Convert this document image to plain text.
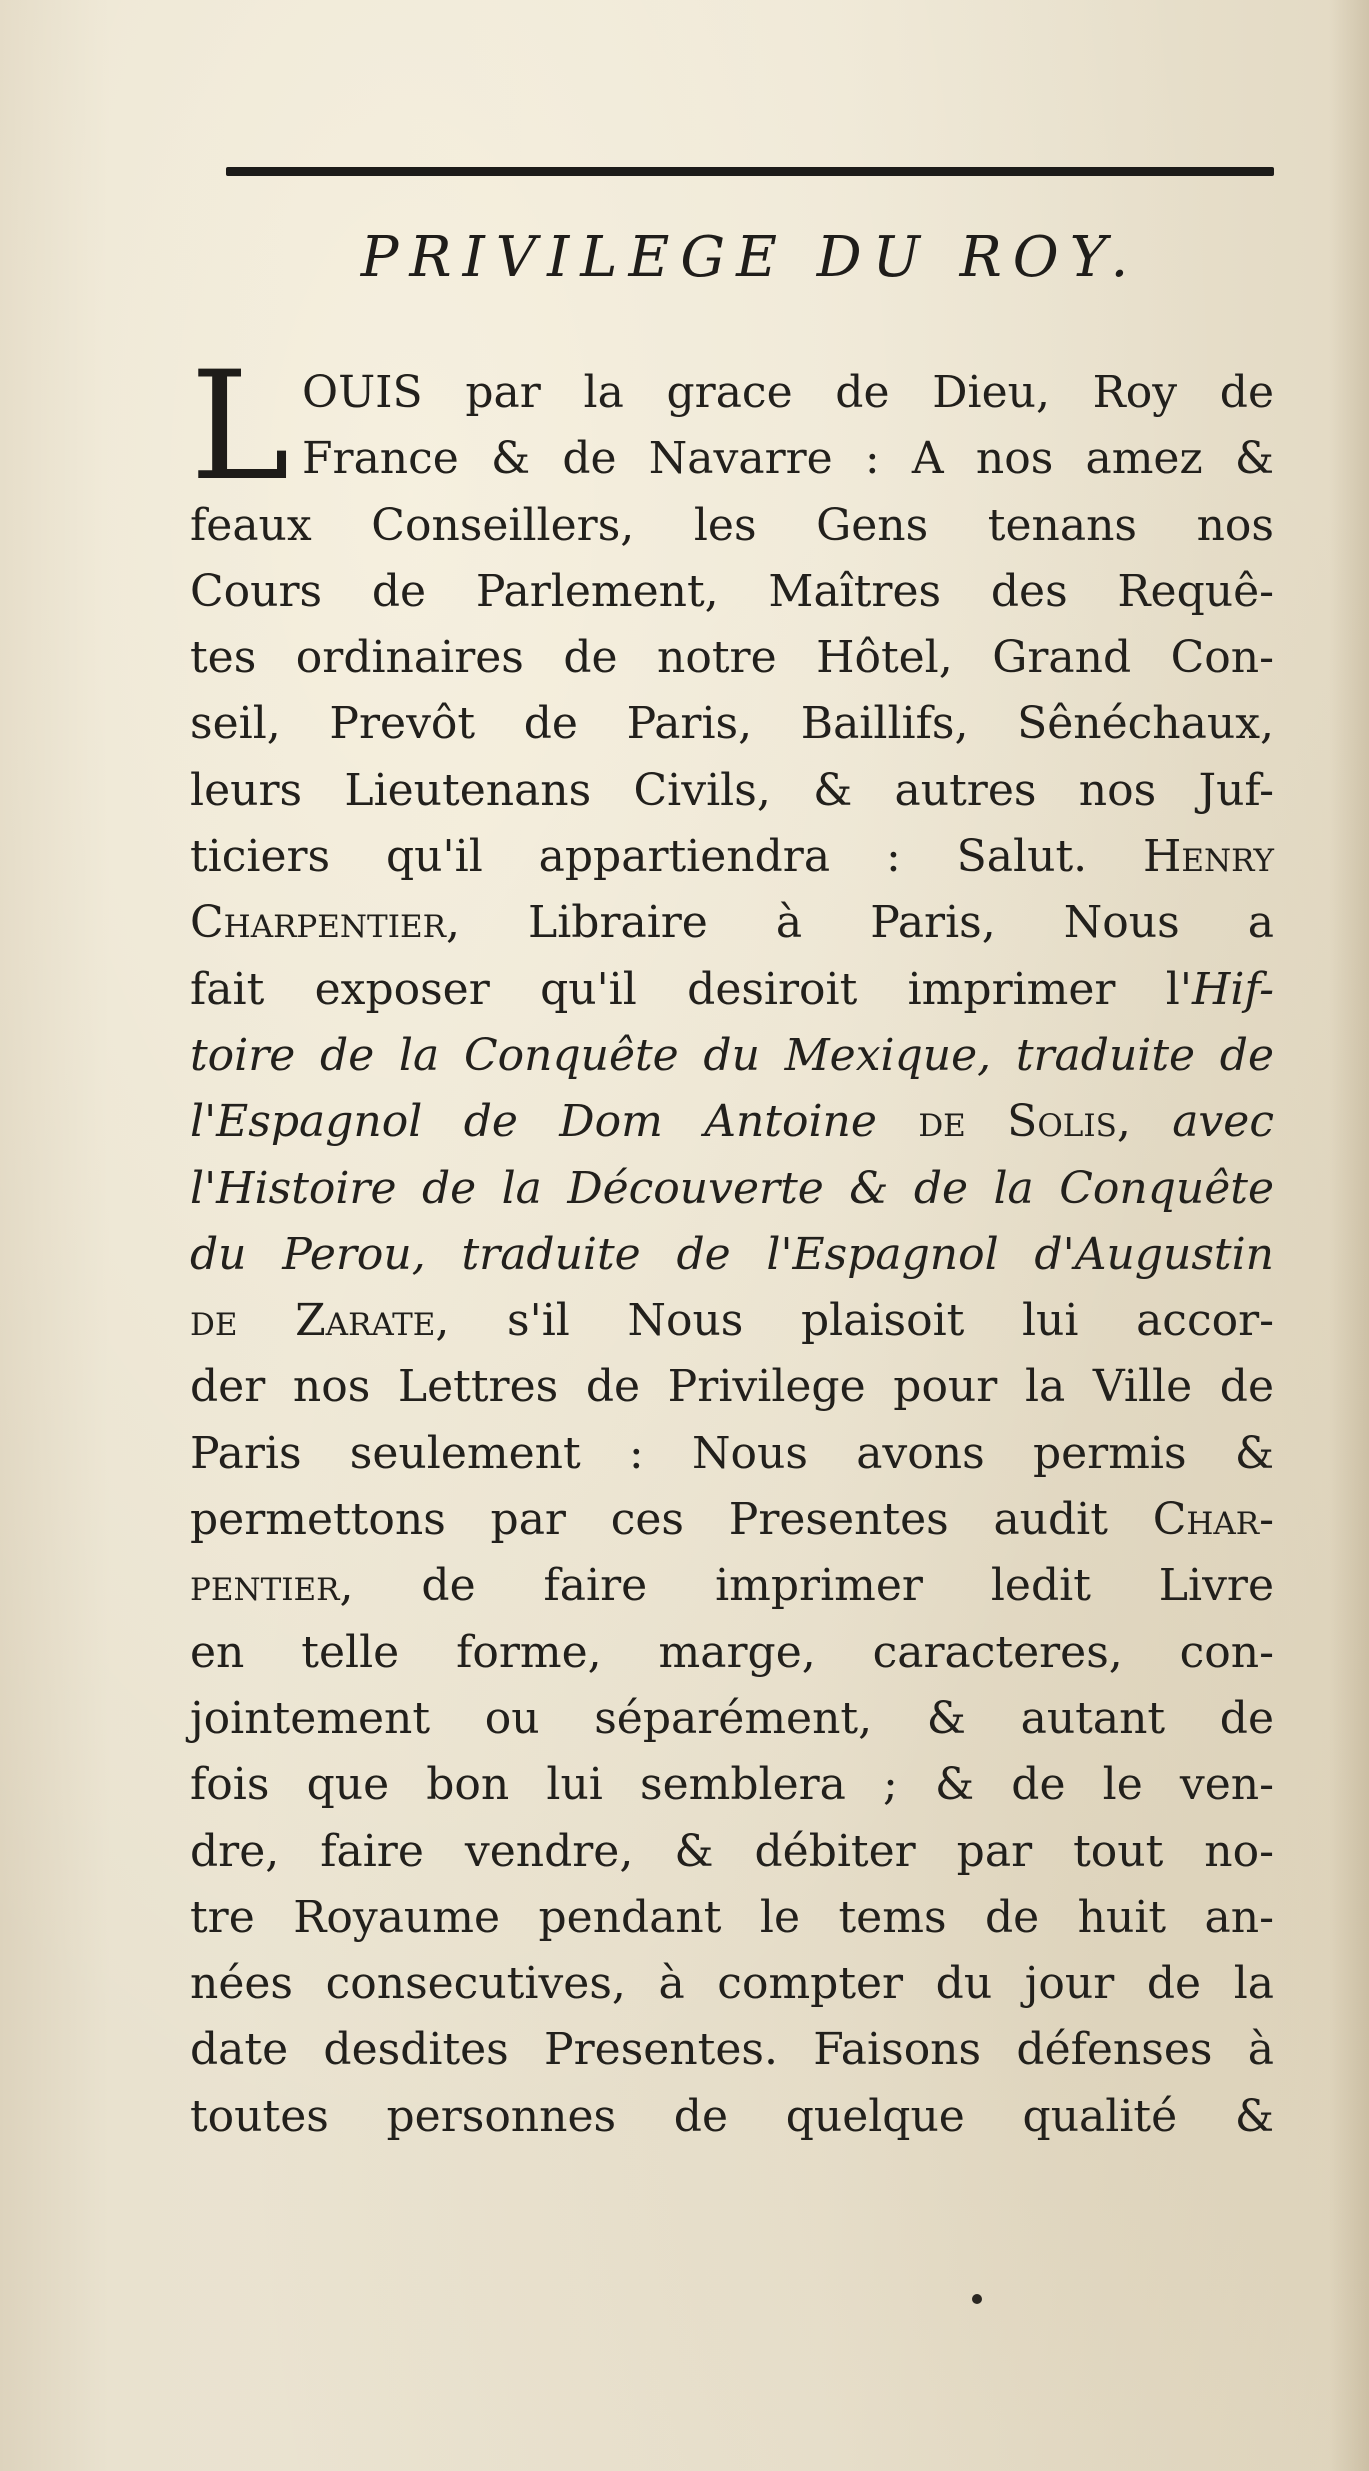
PRIVILEGE DU ROY.
L OUIS par la grace de Dieu, Roy de
France & de Navarre : A nos amez &
feaux Conseillers, les Gens tenans nos
Cours de Parlement, Maîtres des Requê-
tes ordinaires de notre Hôtel, Grand Con-
seil, Prevôt de Paris, Baillifs, Sênéchaux,
leurs Lieutenans Civils, & autres nos Juf-
ticiers qu'il appartiendra : Salut. Henry
Charpentier, Libraire à Paris, Nous a
fait exposer qu'il desiroit imprimer l'Hif-
toire de la Conquête du Mexique, traduite de
l'Espagnol de Dom Antoine de Solis, avec
l'Histoire de la Découverte & de la Conquête
du Perou, traduite de l'Espagnol d'Augustin
de Zarate, s'il Nous plaisoit lui accor-
der nos Lettres de Privilege pour la Ville de
Paris seulement : Nous avons permis &
permettons par ces Presentes audit Char-
pentier, de faire imprimer ledit Livre
en telle forme, marge, caracteres, con-
jointement ou séparément, & autant de
fois que bon lui semblera ; & de le ven-
dre, faire vendre, & débiter par tout no-
tre Royaume pendant le tems de huit an-
nées consecutives, à compter du jour de la
date desdites Presentes. Faisons défenses à
toutes personnes de quelque qualité &
